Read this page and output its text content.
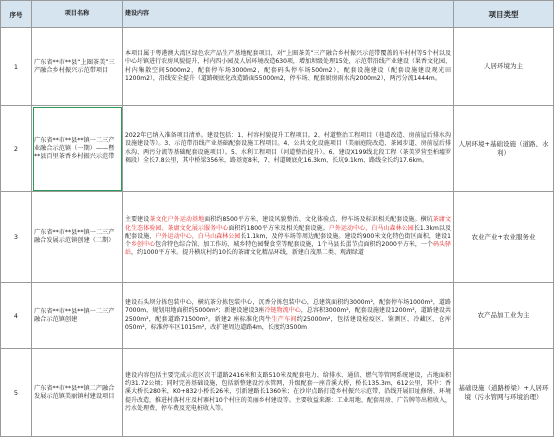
序号	项目名称	建设内容	项目类型
1	广东省**市**县“上圈茶美”三产融合乡村振兴示范带项目	本项目属于粤港澳大湾区绿色农产品生产基地配套项目，对“上圈茶美”三产融合乡村振兴示范带覆盖的车村村等5个村以及中心圩镇进行农房风貌提升、村内四小园及人居环境改造630项，增加坝级处理15处，示范带沿线产业建设（果香文化园、村内集散空间5000m2，配套停车场3000m2，配套码头停车场500m2），配套设施建设（配套设施建设观光田1200m2），沿线安全提升（道路硬底化改造路面55000m2，停车场、配套厨房雨水沟2000m2），两污分流1444m。	人居环境为主
2	广东省**市**县**镇一二三产业融合示范镇（一期）——暨**县百里茶香乡村振兴示范带	2022年已纳入准备项目清单。建设包括：1、村容村貌提升工程项目。2、村道整治工程项目（巷道改造、房前屋后排水沟设施建设等）。3、示范带沿线产业基础配套设施工程项目。4、公共文化设施项目（美丽庭院改造、茶园步道、房前屋后排水沟、两污分流等基础配套设施项目）。5、水利工程项目（河道整治提升）。6、建设X199线北段工程（茶美罗营至柏墟罗褐段）全长7.8公里，其中桥梁356米，路基宽8米，7、村道硬底化16.3km、长坑9.1km、路线全长约17.6km。	人居环境+基础设施（道路、水利）
3	广东省**市**县**镇一二三产融合发展示范镇创建（二期）	主要建设茶文化户外运动基地面积约8500平方米，建设风貌整治、文化体验点、停车场及标识相关配套设施。横坑茶庸文化生态体验园、茶庸文化展示服务中心面积约1800平方米及相关配套设施。户外运动中心，白马山森林公园长1.3km以及配套设施，户外运动中心，白马山森林公园长1.1km，及停车场等周边配套设施。建设约900米文化特色街区面积，建设1个乡创中心包含特色综合馆、加工作坊、城乡特色园餐食堂等配套设施，1个马县长蛋节点面积约2000平方米，一个码头驿站，约1000平方米。提升横坑村约10长的茶庸文化精品环线，新建白茂黑二类、观湖绿道	农业产业+农业服务业
4	广东省**市**县**镇一二三产融合示范镇创建	建设石头坝分拣包装中心，横坑茶分拣包装中心，沉香分拣包装中心，总建筑面积约3000m²，配套停车场1000m²，道路7000m，规划用地面积约5000m²；新建设建设3座冷链物流中心，总容积3000m²，配套设施建设1200m²，道路建设共2500m²，配套道路71500m²。新建2 座标准化肉牛生产车间约25000m²，包括建设检疫区、鉴测区、冷藏区、仓库050m²，标准停车区1015m²，改扩建周边道路4m，长度约3500m	农产品加工业为主
5	广东省**市**县**镇二产融合发展示范镇美丽镇村建设项目	建设内容包括主要完成示范区次干道路2416米和支路510米及配套电力、给排水、通信、燃气等管网系统建设，占地面积约31.72公顷；同时完善基础设施，包括新整建设污水管网，升级配套一座青溪大桥，桥长135.3m，612公里，其中：香溪大桥长280米，K0+832小桥长26米，引新建路长1360米；在沙岸点路打造乡村振兴示范带，沿线开展旧址修缮、环境提升改造，推进村落村庄及村寨村10个村庄的美丽乡村建设等。主要收益来源：工业用地、配套用房、广告牌等出租收入，污水处理费、停车费及充电桩收入等。	基础设施（道路桥梁）+人居环境（污水管网与环境治理）
